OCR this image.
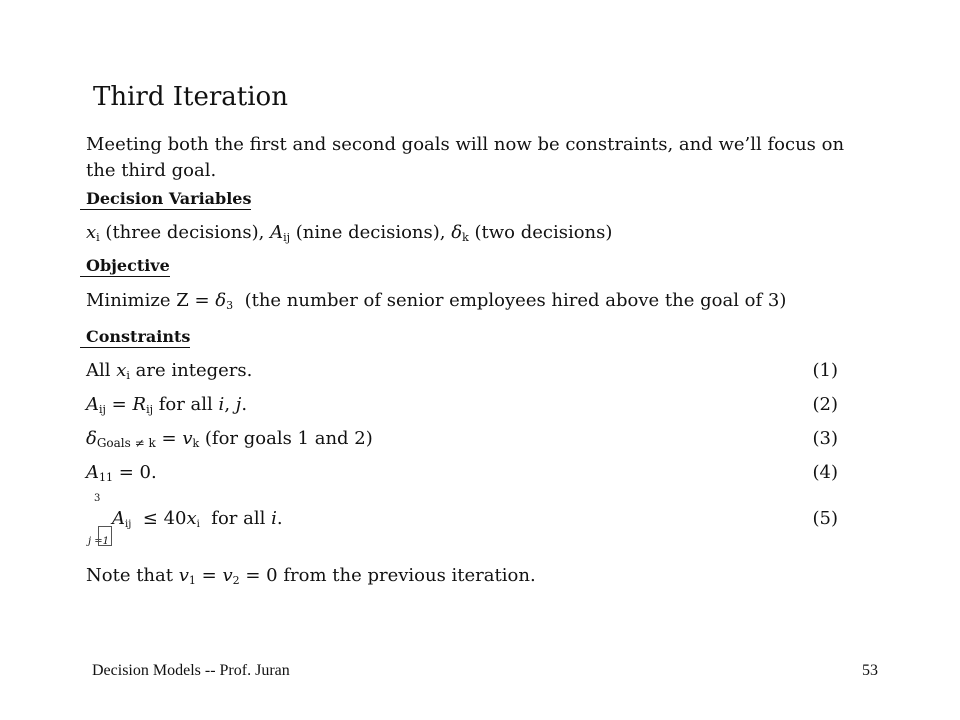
Third Iteration
Meeting both the first and second goals will now be constraints, and we’ll focus on the third goal.
Decision Variables
$x_i$ (three decisions), $A_{ij}$ (nine decisions), $\delta_k$ (two decisions)
Objective
Minimize $Z = \delta_3$ (the number of senior employees hired above the goal of 3)
Constraints
All $x_i$ are integers.	(1)
$A_{ij} = R_{ij}$ for all i, j.	(2)
$\delta_{Goals \ne k} = v_k$ (for goals 1 and 2)	(3)
$A_{11} = 0$.	(4)
3
j =1
$A_{ij} \le 40x_i$ for all i.	(5)
Note that $v_1 = v_2 = 0$ from the previous iteration.
Decision Models -- Prof. Juran	53
